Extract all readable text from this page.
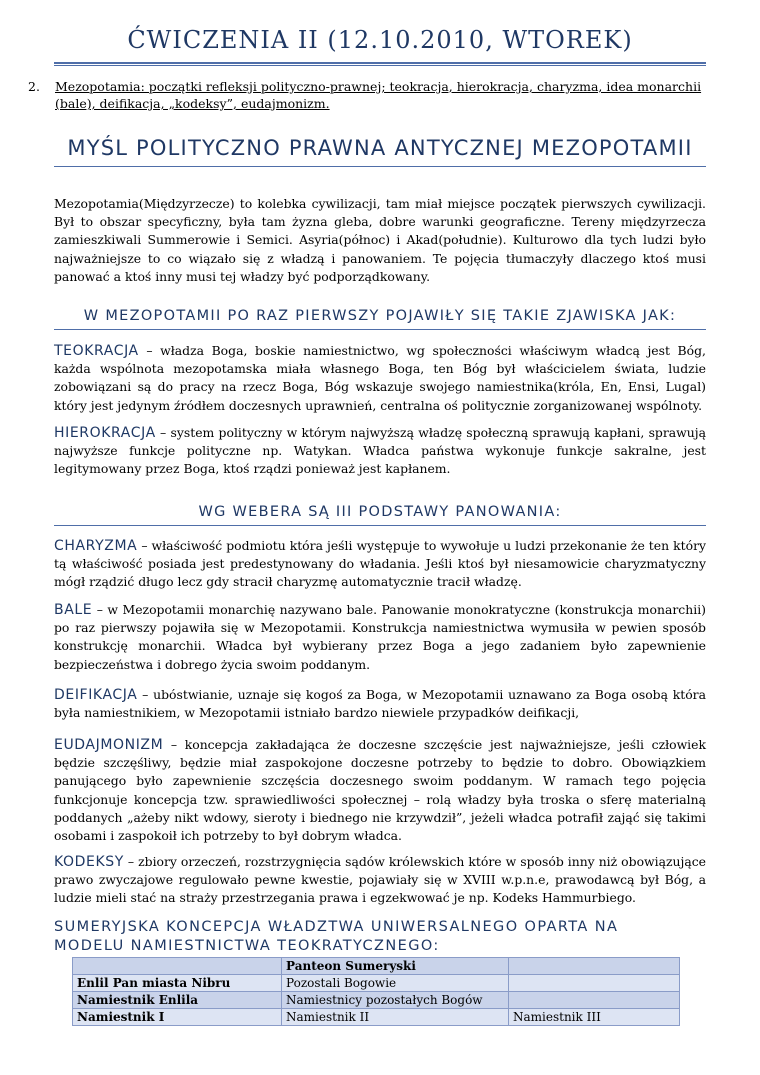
ĆWICZENIA II (12.10.2010, WTOREK)
2. Mezopotamia: początki refleksji polityczno-prawnej; teokracja, hierokracja, charyzma, idea monarchii (bale), deifikacja, „kodeksy”, eudajmonizm.
MYŚL POLITYCZNO PRAWNA ANTYCZNEJ MEZOPOTAMII
Mezopotamia(Międzyrzecze) to kolebka cywilizacji, tam miał miejsce początek pierwszych cywilizacji. Był to obszar specyficzny, była tam żyzna gleba, dobre warunki geograficzne. Tereny międzyrzecza zamieszkiwali Summerowie i Semici. Asyria(północ) i Akad(południe). Kulturowo dla tych ludzi było najważniejsze to co wiązało się z władzą i panowaniem. Te pojęcia tłumaczyły dlaczego ktoś musi panować a ktoś inny musi tej władzy być podporządkowany.
W MEZOPOTAMII PO RAZ PIERWSZY POJAWIŁY SIĘ TAKIE ZJAWISKA JAK:
TEOKRACJA – władza Boga, boskie namiestnictwo, wg społeczności właściwym władcą jest Bóg, każda wspólnota mezopotamska miała własnego Boga, ten Bóg był właścicielem świata, ludzie zobowiązani są do pracy na rzecz Boga, Bóg wskazuje swojego namiestnika(króla, En, Ensi, Lugal) który jest jedynym źródłem doczesnych uprawnień, centralna oś politycznie zorganizowanej wspólnoty.
HIEROKRACJA – system polityczny w którym najwyższą władzę społeczną sprawują kapłani, sprawują najwyższe funkcje polityczne np. Watykan. Władca państwa wykonuje funkcje sakralne, jest legitymowany przez Boga, ktoś rządzi ponieważ jest kapłanem.
WG WEBERA SĄ III PODSTAWY PANOWANIA:
CHARYZMA – właściwość podmiotu która jeśli występuje to wywołuje u ludzi przekonanie że ten który tą właściwość posiada jest predestynowany do władania. Jeśli ktoś był niesamowicie charyzmatyczny mógł rządzić długo lecz gdy stracił charyzmę automatycznie tracił władzę.
BALE – w Mezopotamii monarchię nazywano bale. Panowanie monokratyczne (konstrukcja monarchii) po raz pierwszy pojawiła się w Mezopotamii. Konstrukcja namiestnictwa wymusiła w pewien sposób konstrukcję monarchii. Władca był wybierany przez Boga a jego zadaniem było zapewnienie bezpieczeństwa i dobrego życia swoim poddanym.
DEIFIKACJA – ubóstwianie, uznaje się kogoś za Boga, w Mezopotamii uznawano za Boga osobą która była namiestnikiem, w Mezopotamii istniało bardzo niewiele przypadków deifikacji,
EUDAJMONIZM – koncepcja zakładająca że doczesne szczęście jest najważniejsze, jeśli człowiek będzie szczęśliwy, będzie miał zaspokojone doczesne potrzeby to będzie to dobro. Obowiązkiem panującego było zapewnienie szczęścia doczesnego swoim poddanym. W ramach tego pojęcia funkcjonuje koncepcja tzw. sprawiedliwości społecznej – rolą władzy była troska o sferę materialną poddanych „ażeby nikt wdowy, sieroty i biednego nie krzywdził”, jeżeli władca potrafił zająć się takimi osobami i zaspokoił ich potrzeby to był dobrym władca.
KODEKSY – zbiory orzeczeń, rozstrzygnięcia sądów królewskich które w sposób inny niż obowiązujące prawo zwyczajowe regulowało pewne kwestie, pojawiały się w XVIII w.p.n.e, prawodawcą był Bóg, a ludzie mieli stać na straży przestrzegania prawa i egzekwować je np. Kodeks Hammurbiego.
SUMERYJSKA KONCEPCJA WŁADZTWA UNIWERSALNEGO OPARTA NA MODELU NAMIESTNICTWA TEOKRATYCZNEGO:
	Panteon Sumeryski	
Enlil Pan miasta Nibru	Pozostali Bogowie	
Namiestnik Enlila	Namiestnicy pozostałych Bogów	
Namiestnik I	Namiestnik II	Namiestnik III
